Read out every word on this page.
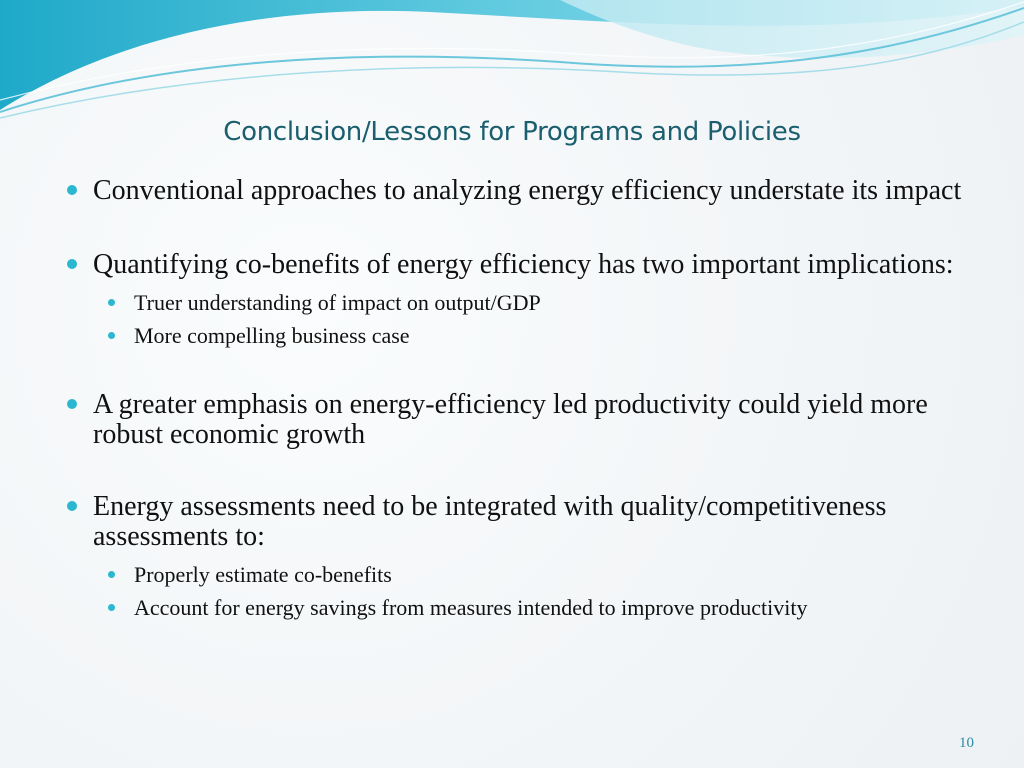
Conclusion/Lessons for Programs and Policies
Conventional approaches to analyzing energy efficiency understate its impact
Quantifying co-benefits of energy efficiency has two important implications:
Truer understanding of impact on output/GDP
More compelling business case
A greater emphasis on energy-efficiency led productivity could yield more robust economic growth
Energy assessments need to be integrated with quality/competitiveness assessments to:
Properly estimate co-benefits
Account for energy savings from measures intended to improve productivity
10
